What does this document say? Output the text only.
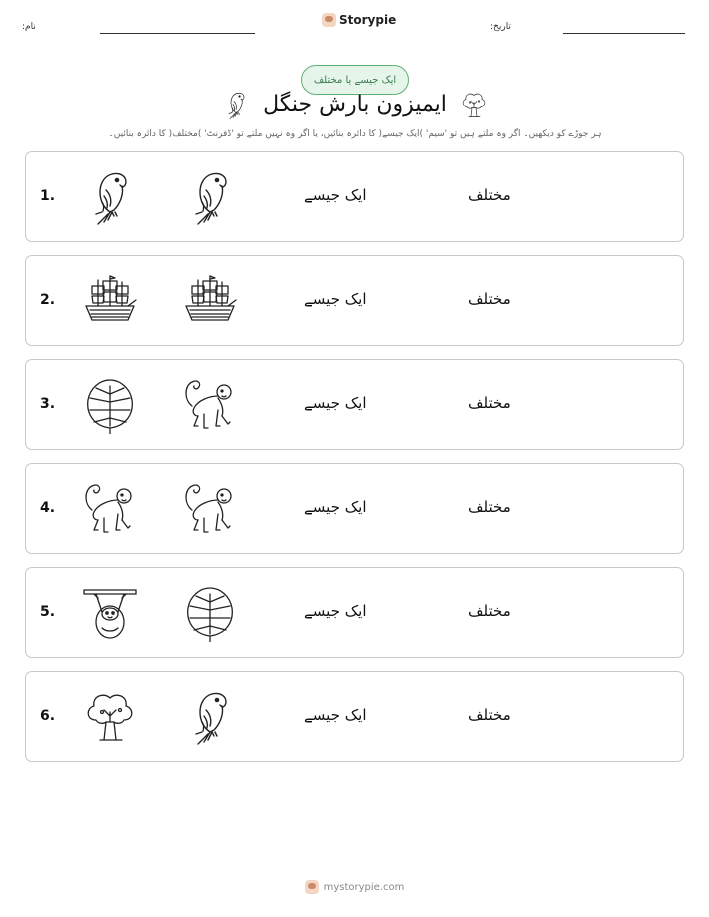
نام:	Storypie	تاریخ:
ایک جیسے یا مختلف
ایمیزون بارش جنگل
ہر جوڑے کو دیکھیں۔ اگر وہ ملتے ہیں تو 'سیم' )ایک جیسے( کا دائرہ بنائیں، یا اگر وہ نہیں ملتے تو 'ڈفرنٹ' )مختلف( کا دائرہ بنائیں۔
1.	ایک جیسے	مختلف
2.	ایک جیسے	مختلف
3.	ایک جیسے	مختلف
4.	ایک جیسے	مختلف
5.	ایک جیسے	مختلف
6.	ایک جیسے	مختلف
mystorypie.com
